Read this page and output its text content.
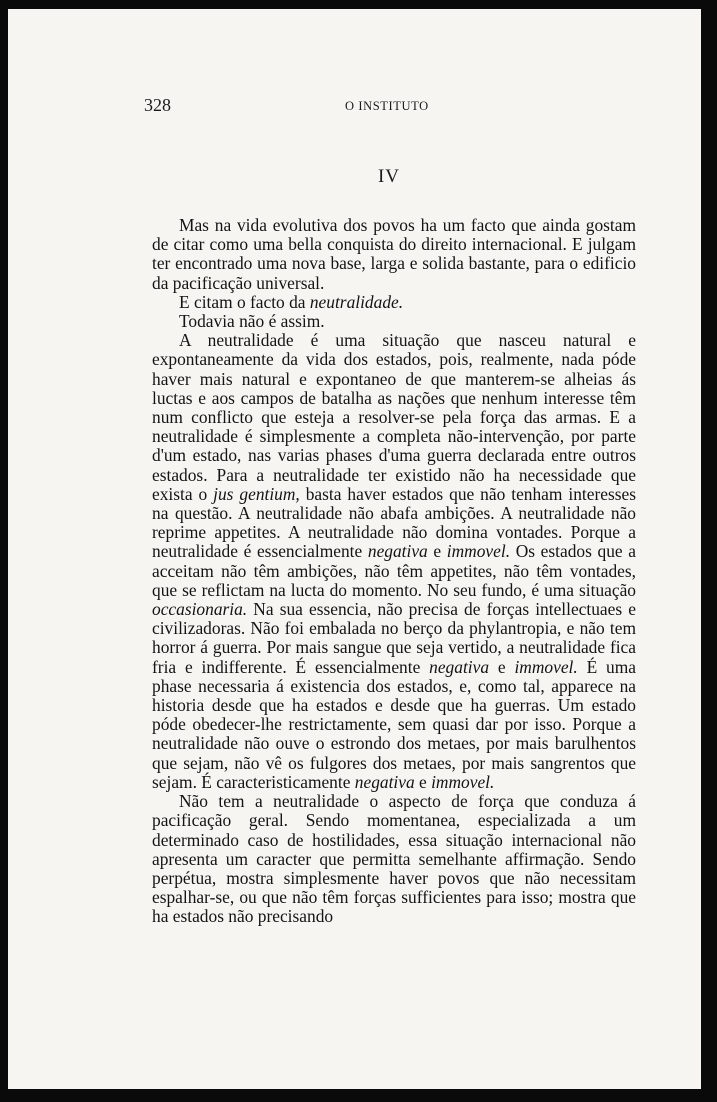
328	O INSTITUTO
IV

Mas na vida evolutiva dos povos ha um facto que ainda gostam de citar como uma bella conquista do direito internacional. E julgam ter encontrado uma nova base, larga e solida bastante, para o edificio da pacificação universal.

E citam o facto da neutralidade.

Todavia não é assim.

A neutralidade é uma situação que nasceu natural e expontaneamente da vida dos estados, pois, realmente, nada póde haver mais natural e expontaneo de que manterem-se alheias ás luctas e aos campos de batalha as nações que nenhum interesse têm num conflicto que esteja a resolver-se pela força das armas. E a neutralidade é simplesmente a completa não-intervenção, por parte d'um estado, nas varias phases d'uma guerra declarada entre outros estados. Para a neutralidade ter existido não ha necessidade que exista o jus gentium, basta haver estados que não tenham interesses na questão. A neutralidade não abafa ambições. A neutralidade não reprime appetites. A neutralidade não domina vontades. Porque a neutralidade é essencialmente negativa e immovel. Os estados que a acceitam não têm ambições, não têm appetites, não têm vontades, que se reflictam na lucta do momento. No seu fundo, é uma situação occasionaria. Na sua essencia, não precisa de forças intellectuaes e civilizadoras. Não foi embalada no berço da phylantropia, e não tem horror á guerra. Por mais sangue que seja vertido, a neutralidade fica fria e indifferente. É essencialmente negativa e immovel. É uma phase necessaria á existencia dos estados, e, como tal, apparece na historia desde que ha estados e desde que ha guerras. Um estado póde obedecer-lhe restrictamente, sem quasi dar por isso. Porque a neutralidade não ouve o estrondo dos metaes, por mais barulhentos que sejam, não vê os fulgores dos metaes, por mais sangrentos que sejam. É caracteristicamente negativa e immovel.

Não tem a neutralidade o aspecto de força que conduza á pacificação geral. Sendo momentanea, especializada a um determinado caso de hostilidades, essa situação internacional não apresenta um caracter que permitta semelhante affirmação. Sendo perpétua, mostra simplesmente haver povos que não necessitam espalhar-se, ou que não têm forças sufficientes para isso; mostra que ha estados não precisando
